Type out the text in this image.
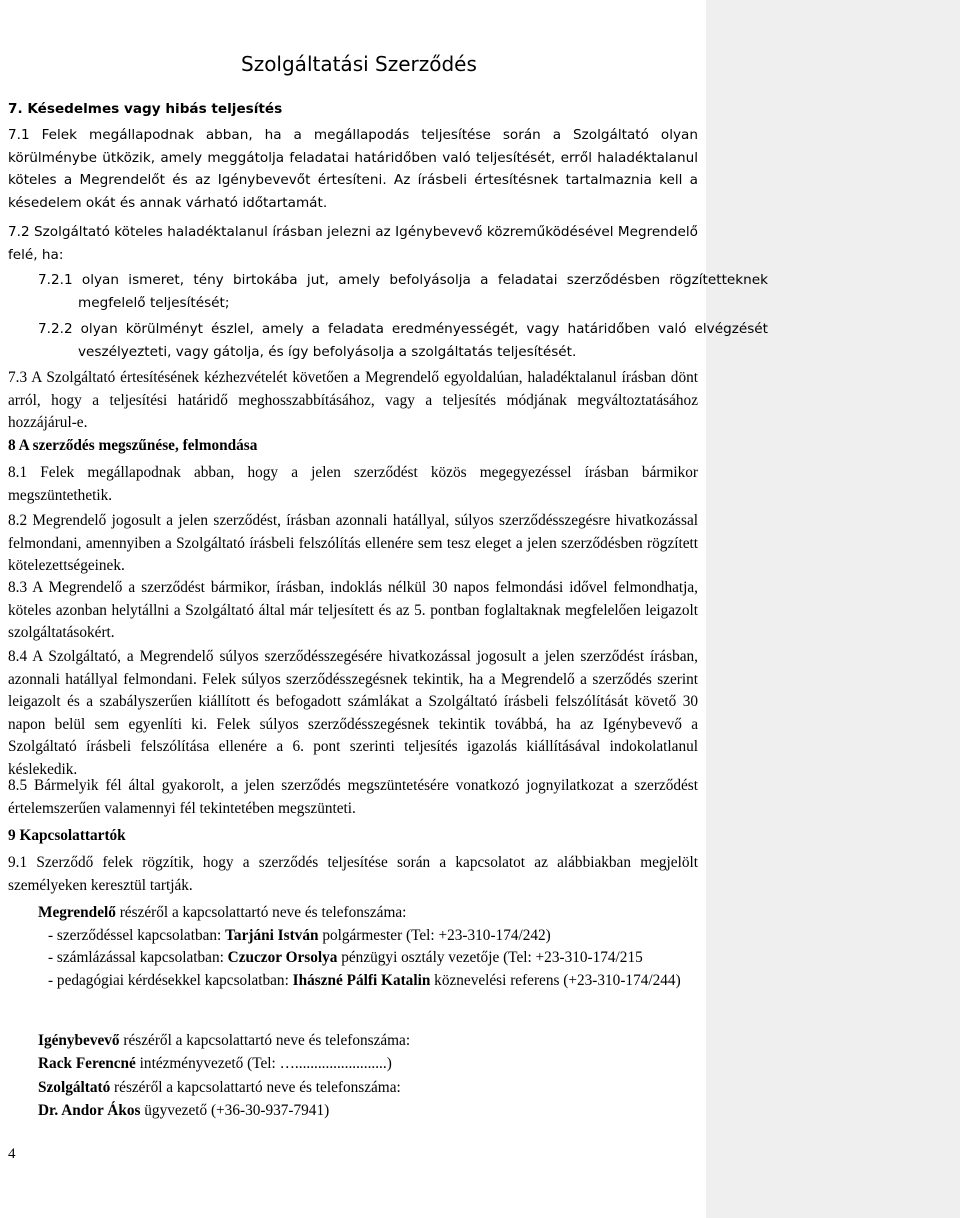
Szolgáltatási Szerződés
7. Késedelmes vagy hibás teljesítés
7.1 Felek megállapodnak abban, ha a megállapodás teljesítése során a Szolgáltató olyan körülménybe ütközik, amely meggátolja feladatai határidőben való teljesítését, erről haladéktalanul köteles a Megrendelőt és az Igénybevevőt értesíteni. Az írásbeli értesítésnek tartalmaznia kell a késedelem okát és annak várható időtartamát.
7.2 Szolgáltató köteles haladéktalanul írásban jelezni az Igénybevevő közreműködésével Megrendelő felé, ha:
7.2.1 olyan ismeret, tény birtokába jut, amely befolyásolja a feladatai szerződésben rögzítetteknek megfelelő teljesítését;
7.2.2 olyan körülményt észlel, amely a feladata eredményességét, vagy határidőben való elvégzését veszélyezteti, vagy gátolja, és így befolyásolja a szolgáltatás teljesítését.
7.3 A Szolgáltató értesítésének kézhezvételét követően a Megrendelő egyoldalúan, haladéktalanul írásban dönt arról, hogy a teljesítési határidő meghosszabbításához, vagy a teljesítés módjának megváltoztatásához hozzájárul-e.
8 A szerződés megszűnése, felmondása
8.1 Felek megállapodnak abban, hogy a jelen szerződést közös megegyezéssel írásban bármikor megszüntethetik.
8.2 Megrendelő jogosult a jelen szerződést, írásban azonnali hatállyal, súlyos szerződésszegésre hivatkozással felmondani, amennyiben a Szolgáltató írásbeli felszólítás ellenére sem tesz eleget a jelen szerződésben rögzített kötelezettségeinek.
8.3 A Megrendelő a szerződést bármikor, írásban, indoklás nélkül 30 napos felmondási idővel felmondhatja, köteles azonban helytállni a Szolgáltató által már teljesített és az 5. pontban foglaltaknak megfelelően leigazolt szolgáltatásokért.
8.4 A Szolgáltató, a Megrendelő súlyos szerződésszegésére hivatkozással jogosult a jelen szerződést írásban, azonnali hatállyal felmondani. Felek súlyos szerződésszegésnek tekintik, ha a Megrendelő a szerződés szerint leigazolt és a szabályszerűen kiállított és befogadott számlákat a Szolgáltató írásbeli felszólítását követő 30 napon belül sem egyenlíti ki. Felek súlyos szerződésszegésnek tekintik továbbá, ha az Igénybevevő a Szolgáltató írásbeli felszólítása ellenére a 6. pont szerinti teljesítés igazolás kiállításával indokolatlanul késlekedik.
8.5 Bármelyik fél által gyakorolt, a jelen szerződés megszüntetésére vonatkozó jognyilatkozat a szerződést értelemszerűen valamennyi fél tekintetében megszünteti.
9 Kapcsolattartók
9.1 Szerződő felek rögzítik, hogy a szerződés teljesítése során a kapcsolatot az alábbiakban megjelölt személyeken keresztül tartják.
Megrendelő részéről a kapcsolattartó neve és telefonszáma:
- szerződéssel kapcsolatban: Tarjáni István polgármester (Tel: +23-310-174/242)
- számlázással kapcsolatban: Czuczor Orsolya pénzügyi osztály vezetője (Tel: +23-310-174/215
- pedagógiai kérdésekkel kapcsolatban: Ihászné Pálfi Katalin köznevelési referens (+23-310-174/244)
Igénybevevő részéről a kapcsolattartó neve és telefonszáma:
Rack Ferencné intézményvezető (Tel: …........................)
Szolgáltató részéről a kapcsolattartó neve és telefonszáma:
Dr. Andor Ákos ügyvezető (+36-30-937-7941)
4
